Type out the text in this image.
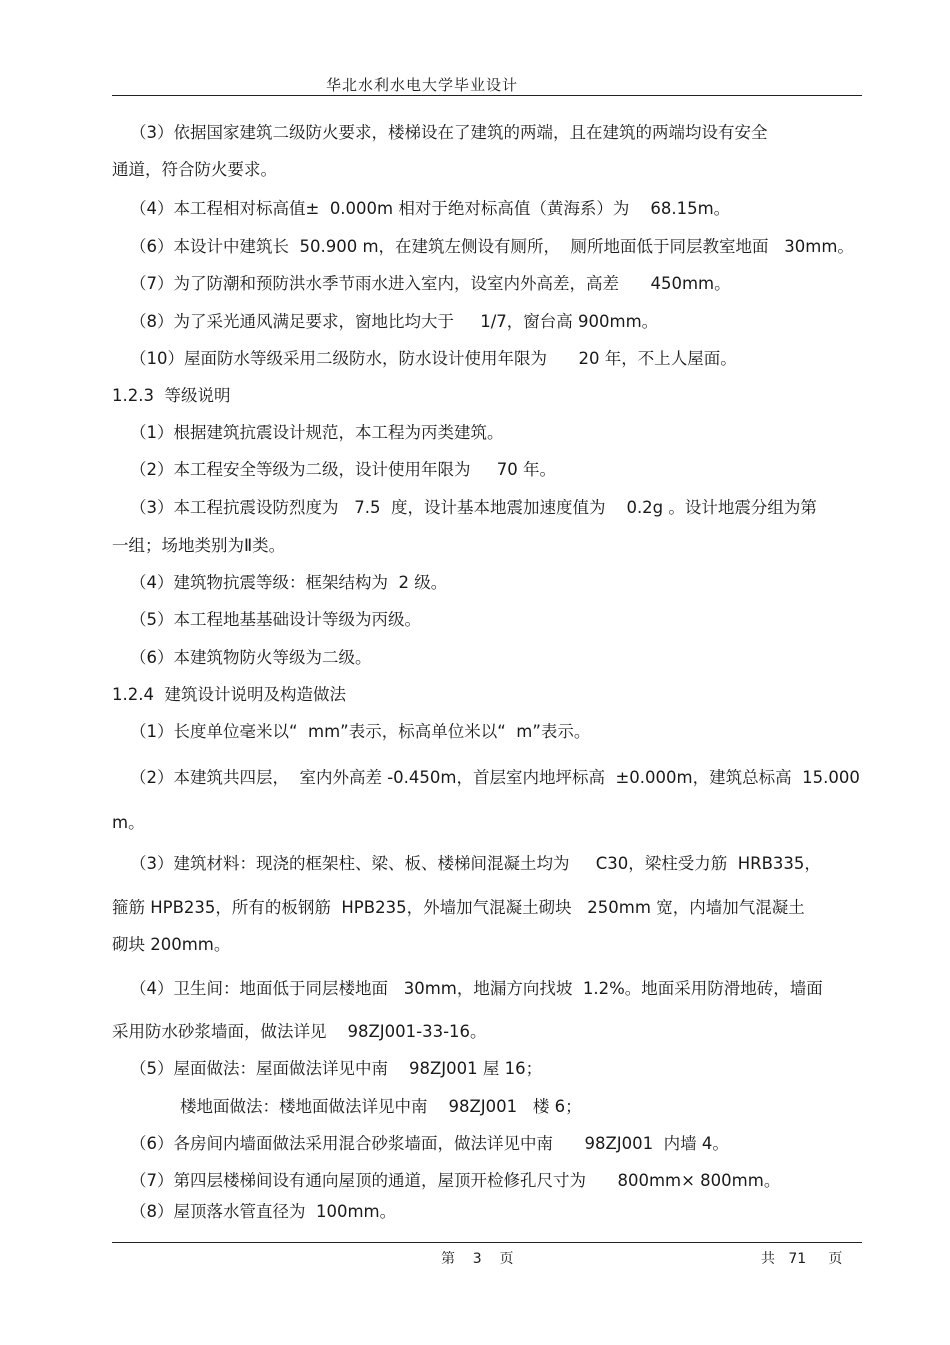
华北水利水电大学毕业设计
（3）依据国家建筑二级防火要求，楼梯设在了建筑的两端，且在建筑的两端均设有安全
通道，符合防火要求。
（4）本工程相对标高值±  0.000m 相对于绝对标高值（黄海系）为    68.15m。
（6）本设计中建筑长  50.900 m，在建筑左侧设有厕所，  厕所地面低于同层教室地面   30mm。
（7）为了防潮和预防洪水季节雨水进入室内，设室内外高差，高差      450mm。
（8）为了采光通风满足要求，窗地比均大于     1/7，窗台高 900mm。
（10）屋面防水等级采用二级防水，防水设计使用年限为      20 年，不上人屋面。
1.2.3  等级说明
（1）根据建筑抗震设计规范，本工程为丙类建筑。
（2）本工程安全等级为二级，设计使用年限为     70 年。
（3）本工程抗震设防烈度为   7.5  度，设计基本地震加速度值为    0.2g 。设计地震分组为第
一组；场地类别为Ⅱ类。
（4）建筑物抗震等级：框架结构为  2 级。
（5）本工程地基基础设计等级为丙级。
（6）本建筑物防火等级为二级。
1.2.4  建筑设计说明及构造做法
（1）长度单位毫米以“  mm”表示，标高单位米以“  m”表示。
（2）本建筑共四层，  室内外高差 -0.450m，首层室内地坪标高  ±0.000m，建筑总标高  15.000
m。
（3）建筑材料：现浇的框架柱、梁、板、楼梯间混凝土均为     C30，梁柱受力筋  HRB335，
箍筋 HPB235，所有的板钢筋  HPB235，外墙加气混凝土砌块   250mm 宽，内墙加气混凝土
砌块 200mm。
（4）卫生间：地面低于同层楼地面   30mm，地漏方向找坡  1.2%。地面采用防滑地砖，墙面
采用防水砂浆墙面，做法详见    98ZJ001-33-16。
（5）屋面做法：屋面做法详见中南    98ZJ001 屋 16；
楼地面做法：楼地面做法详见中南    98ZJ001   楼 6；
（6）各房间内墙面做法采用混合砂浆墙面，做法详见中南      98ZJ001  内墙 4。
（7）第四层楼梯间设有通向屋顶的通道，屋顶开检修孔尺寸为      800mm× 800mm。
（8）屋顶落水管直径为  100mm。
第    3    页	共   71     页
